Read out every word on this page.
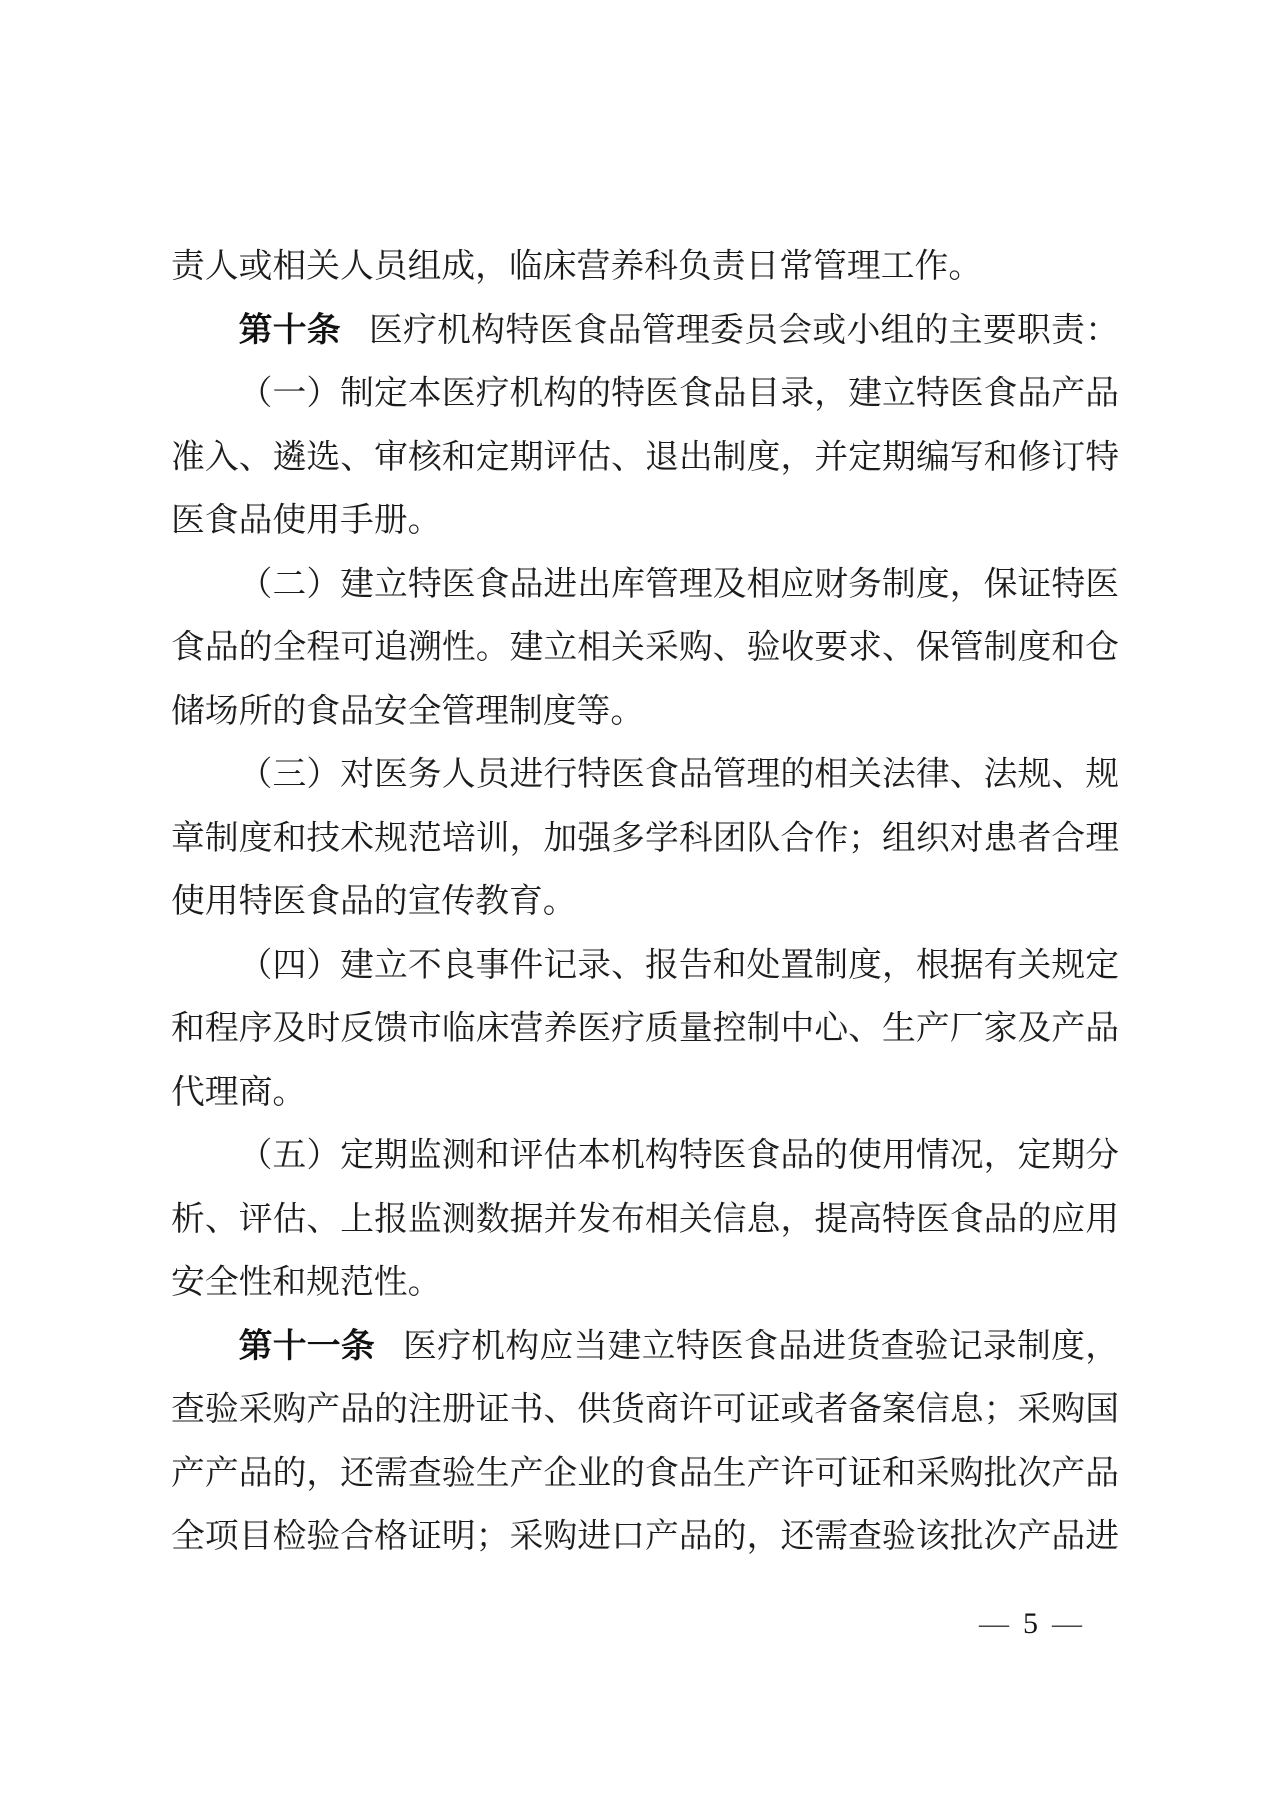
责人或相关人员组成，临床营养科负责日常管理工作。
第十条 医疗机构特医食品管理委员会或小组的主要职责：
（一）制定本医疗机构的特医食品目录，建立特医食品产品
准入、遴选、审核和定期评估、退出制度，并定期编写和修订特
医食品使用手册。
（二）建立特医食品进出库管理及相应财务制度，保证特医
食品的全程可追溯性。建立相关采购、验收要求、保管制度和仓
储场所的食品安全管理制度等。
（三）对医务人员进行特医食品管理的相关法律、法规、规
章制度和技术规范培训，加强多学科团队合作；组织对患者合理
使用特医食品的宣传教育。
（四）建立不良事件记录、报告和处置制度，根据有关规定
和程序及时反馈市临床营养医疗质量控制中心、生产厂家及产品
代理商。
（五）定期监测和评估本机构特医食品的使用情况，定期分
析、评估、上报监测数据并发布相关信息，提高特医食品的应用
安全性和规范性。
第十一条 医疗机构应当建立特医食品进货查验记录制度，
查验采购产品的注册证书、供货商许可证或者备案信息；采购国
产产品的，还需查验生产企业的食品生产许可证和采购批次产品
全项目检验合格证明；采购进口产品的，还需查验该批次产品进
— 5 —
